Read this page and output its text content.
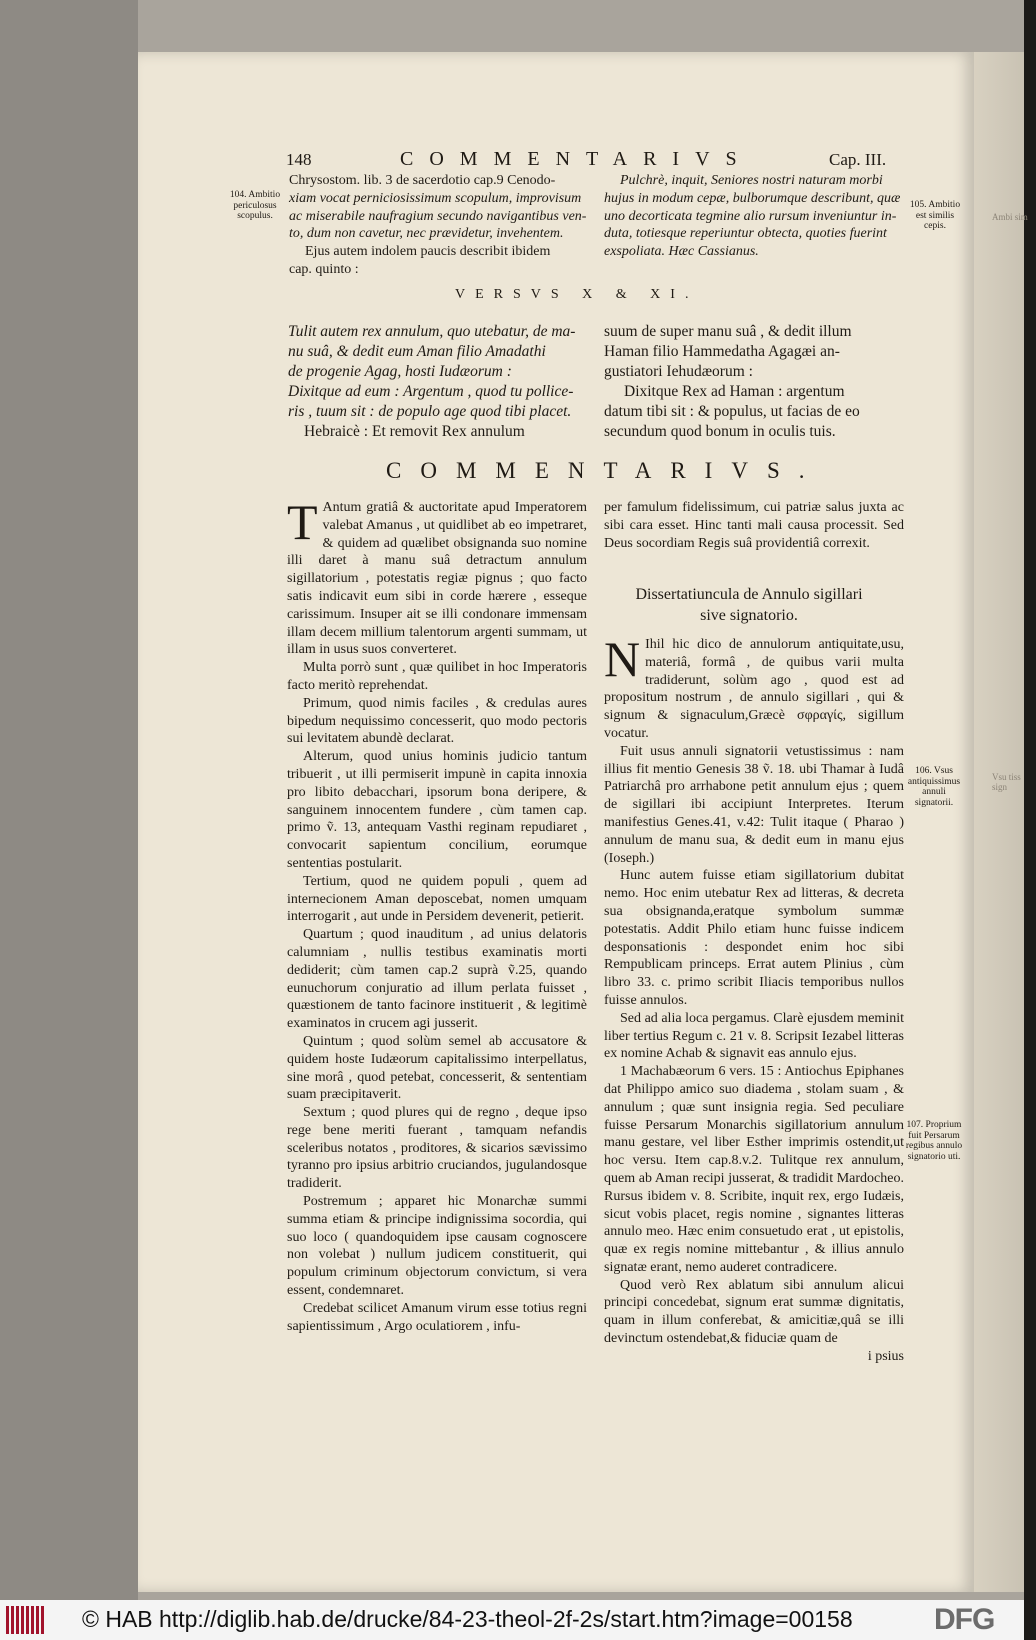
Ambi sim
Vsu tiss sign
148	COMMENTARIVS	Cap. III.

Chrysostom. lib. 3 de sacerdotio cap.9 Cenodo-

xiam vocat perniciosissimum scopulum, improvisum

ac miserabile naufragium secundo navigantibus ven-

to, dum non cavetur, nec prævidetur, invehentem.

Ejus autem indolem paucis describit ibidem

cap. quinto :

Pulchrè, inquit, Seniores nostri naturam morbi

hujus in modum cepæ, bulborumque describunt, quæ

uno decorticata tegmine alio rursum inveniuntur in-

duta, totiesque reperiuntur obtecta, quoties fuerint

exspoliata. Hæc Cassianus.

104. Ambitio periculosus scopulus.
105. Ambitio est similis cepis.
106. Vsus antiquissimus annuli signatorii.
107. Proprium fuit Persarum regibus annulo signatorio uti.
VERSVS X & XI.
Tulit autem rex annulum, quo utebatur, de ma-
nu suâ, & dedit eum Aman filio Amadathi
de progenie Agag, hosti Iudæorum :
Dixitque ad eum : Argentum , quod tu pollice-
ris , tuum sit : de populo age quod tibi placet.
Hebraicè : Et removit Rex annulum
suum de super manu suâ , & dedit illum
Haman filio Hammedatha Agagæi an-
gustiatori Iehudæorum :
Dixitque Rex ad Haman : argentum
datum tibi sit : & populus, ut facias de eo
secundum quod bonum in oculis tuis.
COMMENTARIVS.

T Antum gratiâ & auctoritate apud Imperatorem valebat Amanus , ut quidlibet ab eo impetraret, & quidem ad quælibet obsignanda suo nomine illi daret à manu suâ detractum annulum sigillatorium , potestatis regiæ pignus ; quo facto satis indicavit eum sibi in corde hærere , esseque carissimum. Insuper ait se illi condonare immensam illam decem millium talentorum argenti summam, ut illam in usus suos converteret.

Multa porrò sunt , quæ quilibet in hoc Imperatoris facto meritò reprehendat.

Primum, quod nimis faciles , & credulas aures bipedum nequissimo concesserit, quo modo pectoris sui levitatem abundè declarat.

Alterum, quod unius hominis judicio tantum tribuerit , ut illi permiserit impunè in capita innoxia pro libito debacchari, ipsorum bona deripere, & sanguinem innocentem fundere , cùm tamen cap. primo ṽ. 13, antequam Vasthi reginam repudiaret , convocarit sapientum concilium, eorumque sententias postularit.

Tertium, quod ne quidem populi , quem ad internecionem Aman deposcebat, nomen umquam interrogarit , aut unde in Persidem devenerit, petierit.

Quartum ; quod inauditum , ad unius delatoris calumniam , nullis testibus examinatis morti dediderit; cùm tamen cap.2 suprà ṽ.25, quando eunuchorum conjuratio ad illum perlata fuisset , quæstionem de tanto facinore instituerit , & legitimè examinatos in crucem agi jusserit.

Quintum ; quod solùm semel ab accusatore & quidem hoste Iudæorum capitalissimo interpellatus, sine morâ , quod petebat, concesserit, & sententiam suam præcipitaverit.

Sextum ; quod plures qui de regno , deque ipso rege bene meriti fuerant , tamquam nefandis sceleribus notatos , proditores, & sicarios sævissimo tyranno pro ipsius arbitrio cruciandos, jugulandosque tradiderit.

Postremum ; apparet hic Monarchæ summi summa etiam & principe indignissima socordia, qui suo loco ( quandoquidem ipse causam cognoscere non volebat ) nullum judicem constituerit, qui populum criminum objectorum convictum, si vera essent, condemnaret.

Credebat scilicet Amanum virum esse totius regni sapientissimum , Argo oculatiorem , infu-

per famulum fidelissimum, cui patriæ salus juxta ac sibi cara esset. Hinc tanti mali causa processit. Sed Deus socordiam Regis suâ providentiâ correxit.

Dissertatiuncula de Annulo sigillari
sive signatorio.

N Ihil hic dico de annulorum antiquitate,usu, materiâ, formâ , de quibus varii multa tradiderunt, solùm ago , quod est ad propositum nostrum , de annulo sigillari , qui & signum & signaculum,Græcè σφραγίς, sigillum vocatur.

Fuit usus annuli signatorii vetustissimus : nam illius fit mentio Genesis 38 ṽ. 18. ubi Thamar à Iudâ Patriarchâ pro arrhabone petit annulum ejus ; quem de sigillari ibi accipiunt Interpretes. Iterum manifestius Genes.41, v.42: Tulit itaque ( Pharao ) annulum de manu sua, & dedit eum in manu ejus (Ioseph.)

Hunc autem fuisse etiam sigillatorium dubitat nemo. Hoc enim utebatur Rex ad litteras, & decreta sua obsignanda,eratque symbolum summæ potestatis. Addit Philo etiam hunc fuisse indicem desponsationis : despondet enim hoc sibi Rempublicam princeps. Errat autem Plinius , cùm libro 33. c. primo scribit Iliacis temporibus nullos fuisse annulos.

Sed ad alia loca pergamus. Clarè ejusdem meminit liber tertius Regum c. 21 v. 8. Scripsit Iezabel litteras ex nomine Achab & signavit eas annulo ejus.

1 Machabæorum 6 vers. 15 : Antiochus Epiphanes dat Philippo amico suo diadema , stolam suam , & annulum ; quæ sunt insignia regia. Sed peculiare fuisse Persarum Monarchis sigillatorium annulum manu gestare, vel liber Esther imprimis ostendit,ut hoc versu. Item cap.8.v.2. Tulitque rex annulum, quem ab Aman recipi jusserat, & tradidit Mardocheo. Rursus ibidem v. 8. Scribite, inquit rex, ergo Iudæis, sicut vobis placet, regis nomine , signantes litteras annulo meo. Hæc enim consuetudo erat , ut epistolis, quæ ex regis nomine mittebantur , & illius annulo signatæ erant, nemo auderet contradicere.

Quod verò Rex ablatum sibi annulum alicui principi concedebat, signum erat summæ dignitatis, quam in illum conferebat, & amicitiæ,quâ se illi devinctum ostendebat,& fiduciæ quam de

i psius

© HAB http://diglib.hab.de/drucke/84-23-theol-2f-2s/start.htm?image=00158	DFG
